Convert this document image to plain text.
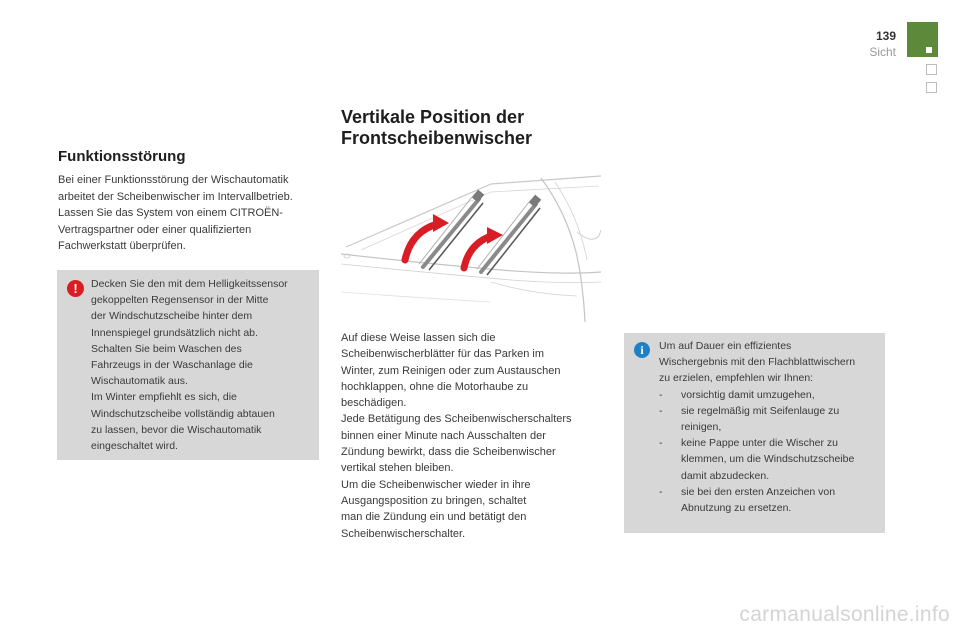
139
Sicht
Funktionsstörung
Bei einer Funktionsstörung der Wischautomatik
arbeitet der Scheibenwischer im Intervallbetrieb.
Lassen Sie das System von einem CITROËN-
Vertragspartner oder einer qualifizierten
Fachwerkstatt überprüfen.
!	Decken Sie den mit dem Helligkeitssensor
gekoppelten Regensensor in der Mitte
der Windschutzscheibe hinter dem
Innenspiegel grundsätzlich nicht ab.
Schalten Sie beim Waschen des
Fahrzeugs in der Waschanlage die
Wischautomatik aus.
Im Winter empfiehlt es sich, die
Windschutzscheibe vollständig abtauen
zu lassen, bevor die Wischautomatik
eingeschaltet wird.
Vertikale Position der
Frontscheibenwischer
Auf diese Weise lassen sich die
Scheibenwischerblätter für das Parken im
Winter, zum Reinigen oder zum Austauschen
hochklappen, ohne die Motorhaube zu
beschädigen.
Jede Betätigung des Scheibenwischerschalters
binnen einer Minute nach Ausschalten der
Zündung bewirkt, dass die Scheibenwischer
vertikal stehen bleiben.
Um die Scheibenwischer wieder in ihre
Ausgangsposition zu bringen, schaltet
man die Zündung ein und betätigt den
Scheibenwischerschalter.
i	Um auf Dauer ein effizientes
Wischergebnis mit den Flachblattwischern
zu erzielen, empfehlen wir Ihnen:
-	vorsichtig damit umzugehen,
-	sie regelmäßig mit Seifenlauge zu
reinigen,
-	keine Pappe unter die Wischer zu
klemmen, um die Windschutzscheibe
damit abzudecken.
-	sie bei den ersten Anzeichen von
Abnutzung zu ersetzen.
carmanualsonline.info
